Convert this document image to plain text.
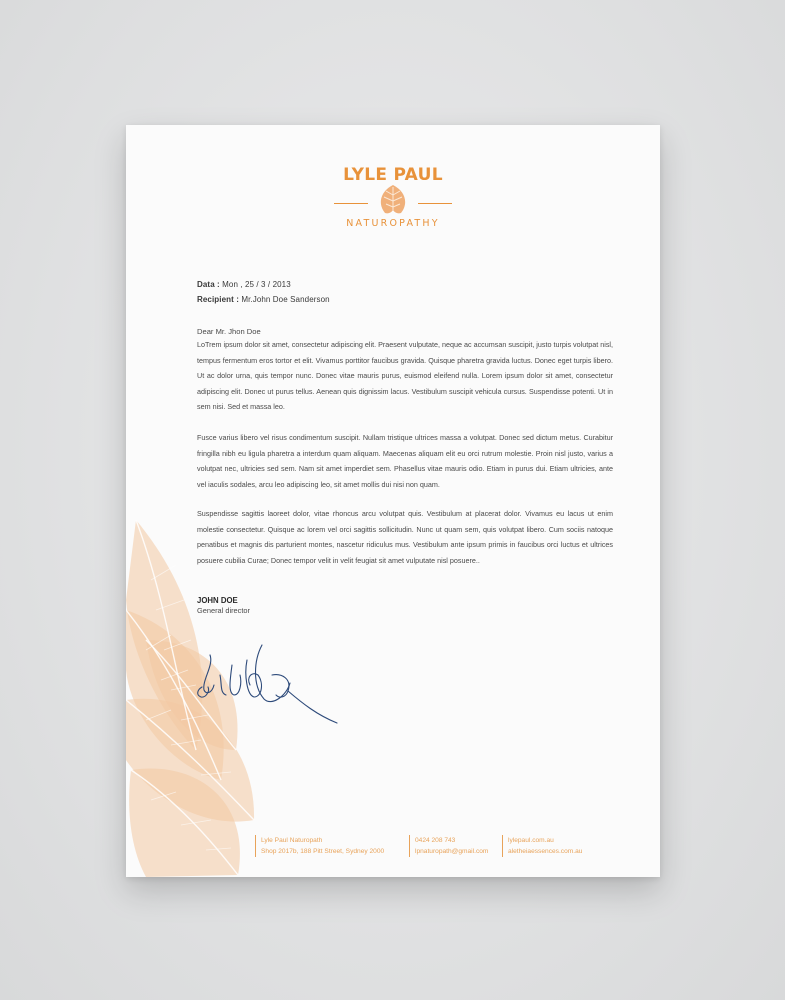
LYLE PAUL
NATUROPATHY
Data : Mon , 25 / 3 / 2013
Recipient : Mr.John Doe Sanderson
Dear Mr. Jhon Doe

LoTrem ipsum dolor sit amet, consectetur adipiscing elit. Praesent vulputate, neque ac accumsan suscipit, justo turpis volutpat nisl, tempus fermentum eros tortor et elit. Vivamus porttitor faucibus gravida. Quisque pharetra gravida luctus. Donec eget turpis libero. Ut ac dolor urna, quis tempor nunc. Donec vitae mauris purus, euismod eleifend nulla. Lorem ipsum dolor sit amet, consectetur adipiscing elit. Donec ut purus tellus. Aenean quis dignissim lacus. Vestibulum suscipit vehicula cursus. Suspendisse potenti. Ut in sem nisi. Sed et massa leo.

Fusce varius libero vel risus condimentum suscipit. Nullam tristique ultrices massa a volutpat. Donec sed dictum metus. Curabitur fringilla nibh eu ligula pharetra a interdum quam aliquam. Maecenas aliquam elit eu orci rutrum molestie. Proin nisl justo, varius a volutpat nec, ultricies sed sem. Nam sit amet imperdiet sem. Phasellus vitae mauris odio. Etiam in purus dui. Etiam ultricies, ante vel iaculis sodales, arcu leo adipiscing leo, sit amet mollis dui nisi non quam.

Suspendisse sagittis laoreet dolor, vitae rhoncus arcu volutpat quis. Vestibulum at placerat dolor. Vivamus eu lacus ut enim molestie consectetur. Quisque ac lorem vel orci sagittis sollicitudin. Nunc ut quam sem, quis volutpat libero. Cum sociis natoque penatibus et magnis dis parturient montes, nascetur ridiculus mus. Vestibulum ante ipsum primis in faucibus orci luctus et ultrices posuere cubilia Curae; Donec tempor velit in velit feugiat sit amet vulputate nisl posuere..

JOHN DOE
General director
Lyle Paul Naturopath
Shop 2017b, 188 Pitt Street, Sydney 2000
0424 208 743
lpnaturopath@gmail.com
lylepaul.com.au
aletheiaessences.com.au
